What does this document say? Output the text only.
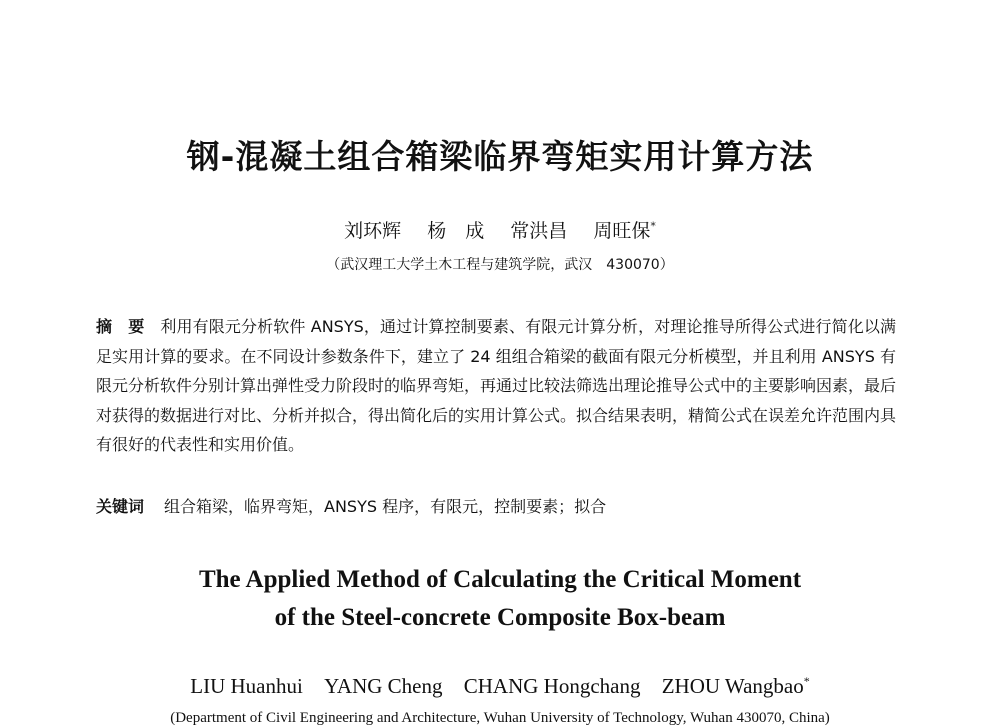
钢-混凝土组合箱梁临界弯矩实用计算方法
刘环辉 杨　成 常洪昌 周旺保*
（武汉理工大学土木工程与建筑学院，武汉　430070）
摘　要 利用有限元分析软件 ANSYS，通过计算控制要素、有限元计算分析，对理论推导所得公式进行简化以满足实用计算的要求。在不同设计参数条件下，建立了 24 组组合箱梁的截面有限元分析模型，并且利用 ANSYS 有限元分析软件分别计算出弹性受力阶段时的临界弯矩，再通过比较法筛选出理论推导公式中的主要影响因素，最后对获得的数据进行对比、分析并拟合，得出简化后的实用计算公式。拟合结果表明，精简公式在误差允许范围内具有很好的代表性和实用价值。
关键词 组合箱梁，临界弯矩，ANSYS 程序，有限元，控制要素；拟合
The Applied Method of Calculating the Critical Moment
of the Steel-concrete Composite Box-beam
LIU Huanhui YANG Cheng CHANG Hongchang ZHOU Wangbao*
(Department of Civil Engineering and Architecture, Wuhan University of Technology, Wuhan 430070, China)
